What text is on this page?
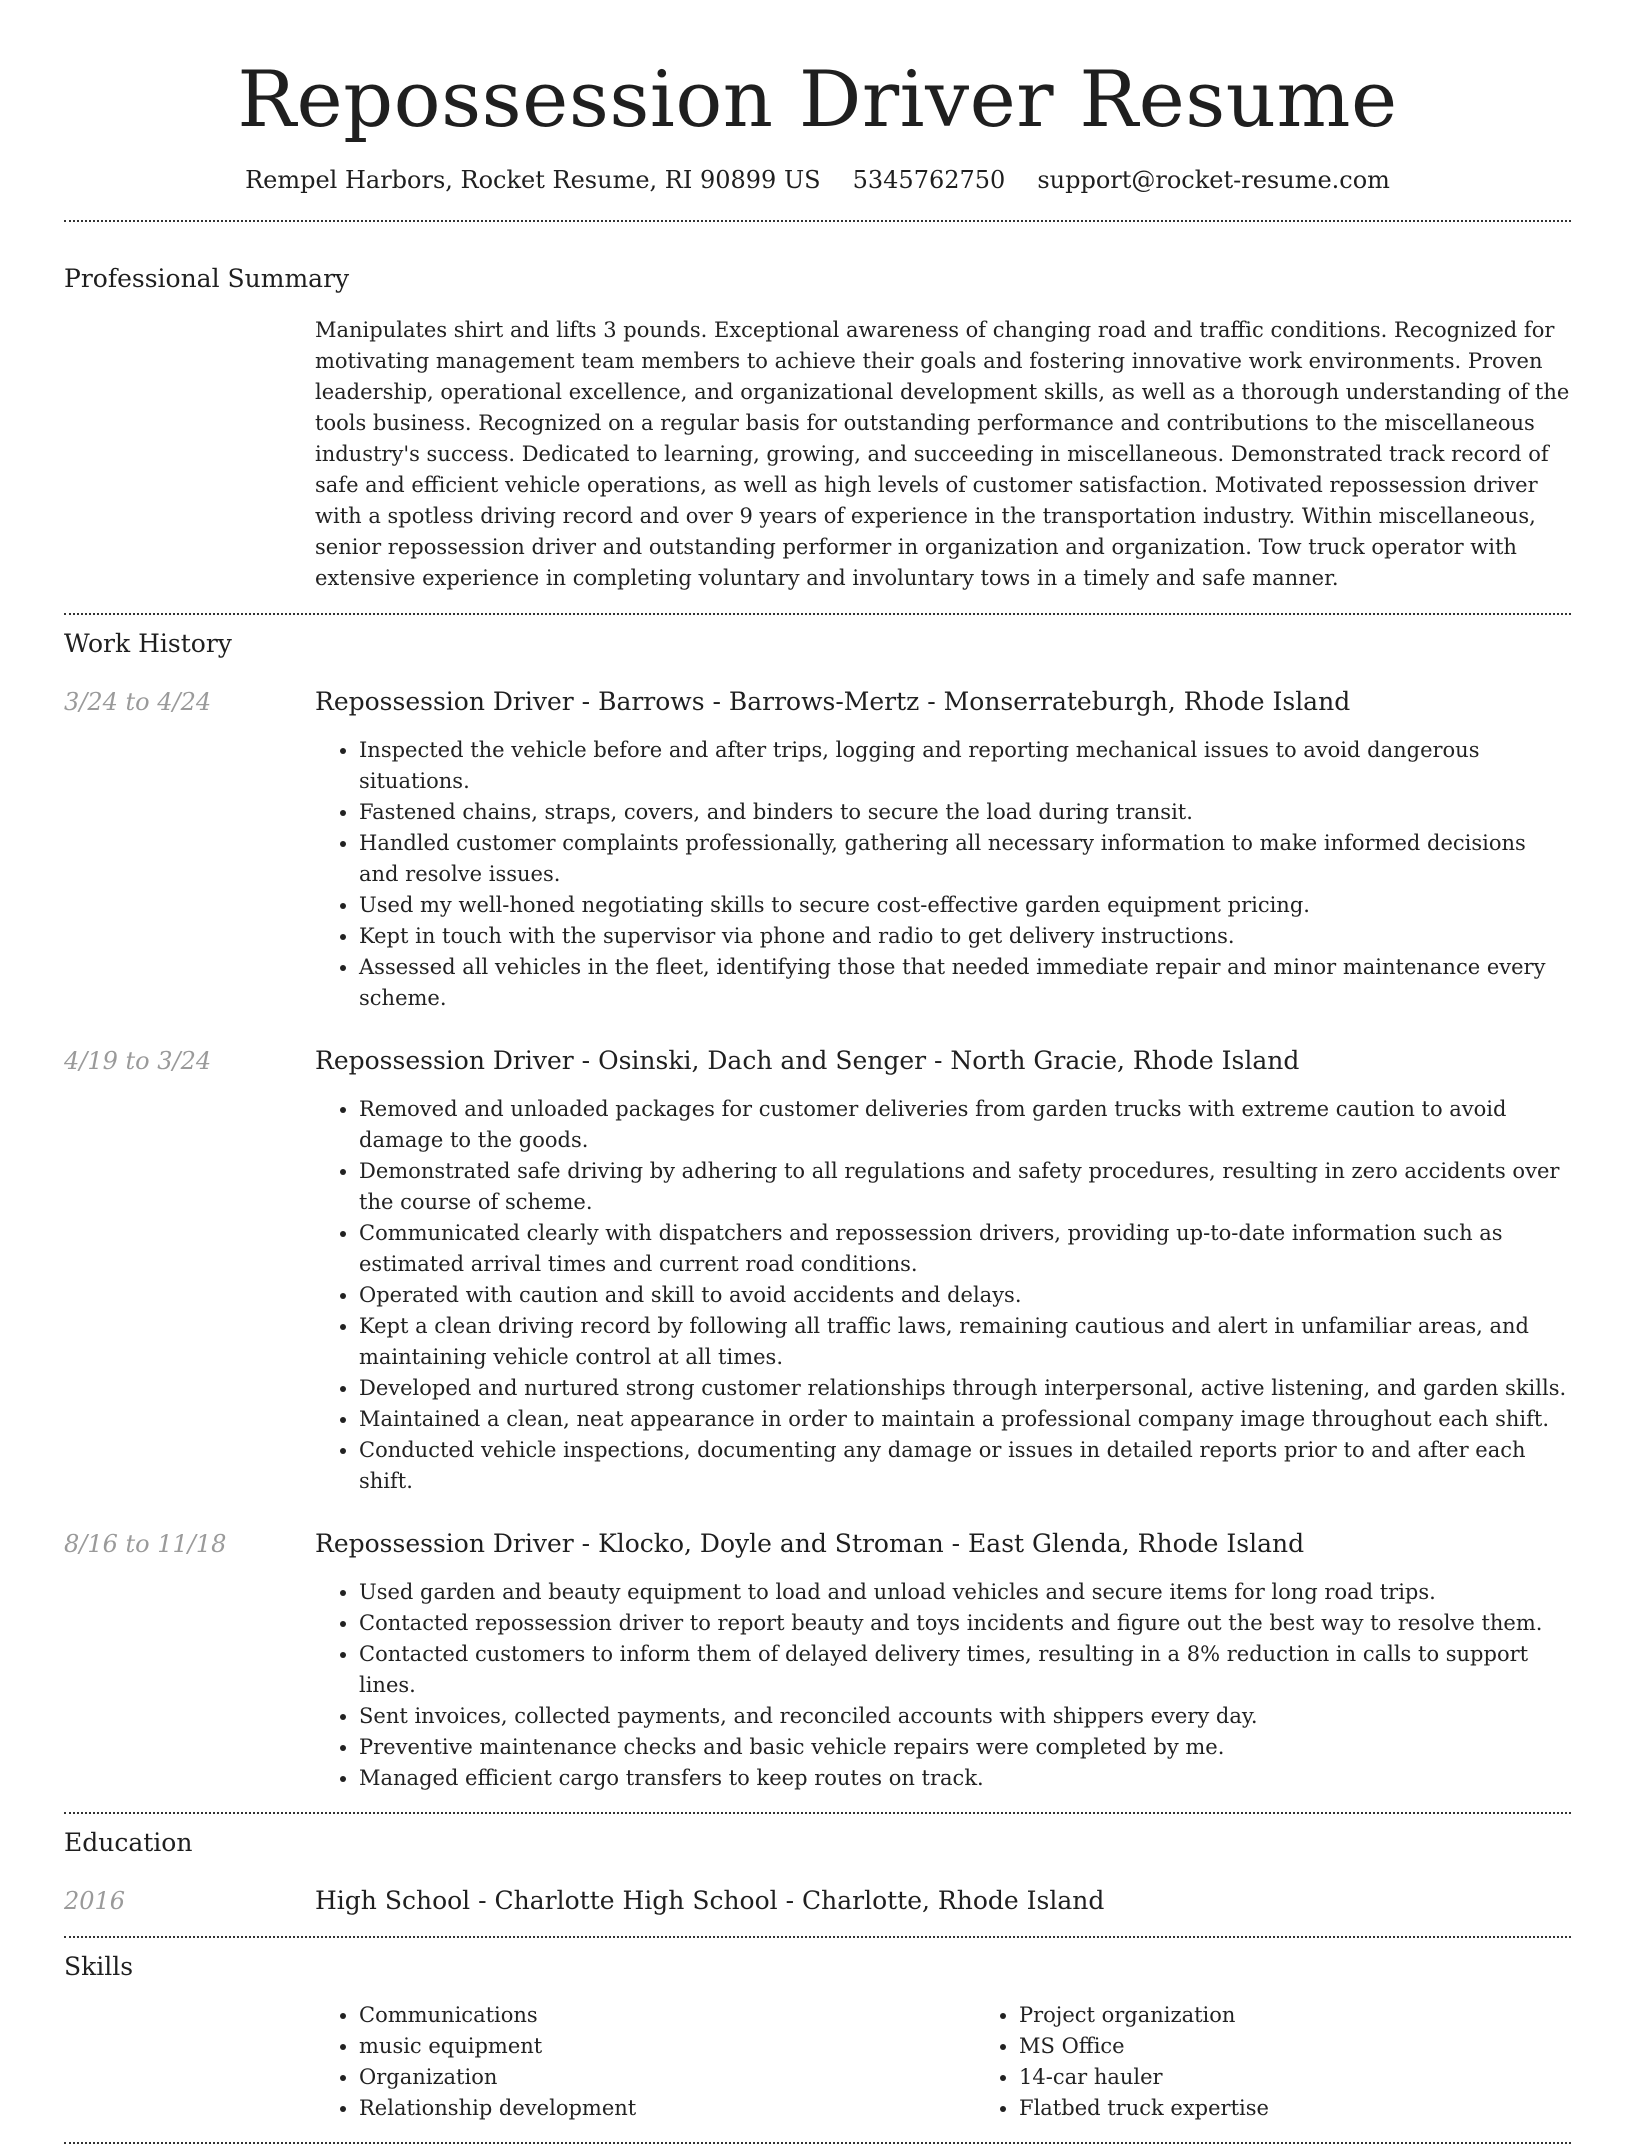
Repossession Driver Resume
Rempel Harbors, Rocket Resume, RI 90899 US 5345762750 support@rocket-resume.com
Professional Summary

Manipulates shirt and lifts 3 pounds. Exceptional awareness of changing road and traffic conditions. Recognized for motivating management team members to achieve their goals and fostering innovative work environments. Proven leadership, operational excellence, and organizational development skills, as well as a thorough understanding of the tools business. Recognized on a regular basis for outstanding performance and contributions to the miscellaneous industry's success. Dedicated to learning, growing, and succeeding in miscellaneous. Demonstrated track record of safe and efficient vehicle operations, as well as high levels of customer satisfaction. Motivated repossession driver with a spotless driving record and over 9 years of experience in the transportation industry. Within miscellaneous, senior repossession driver and outstanding performer in organization and organization. Tow truck operator with extensive experience in completing voluntary and involuntary tows in a timely and safe manner.

Work History
3/24 to 4/24	Repossession Driver - Barrows - Barrows-Mertz - Monserrateburgh, Rhode Island
• Inspected the vehicle before and after trips, logging and reporting mechanical issues to avoid dangerous situations.
• Fastened chains, straps, covers, and binders to secure the load during transit.
• Handled customer complaints professionally, gathering all necessary information to make informed decisions and resolve issues.
• Used my well-honed negotiating skills to secure cost-effective garden equipment pricing.
• Kept in touch with the supervisor via phone and radio to get delivery instructions.
• Assessed all vehicles in the fleet, identifying those that needed immediate repair and minor maintenance every scheme.
4/19 to 3/24	Repossession Driver - Osinski, Dach and Senger - North Gracie, Rhode Island
• Removed and unloaded packages for customer deliveries from garden trucks with extreme caution to avoid damage to the goods.
• Demonstrated safe driving by adhering to all regulations and safety procedures, resulting in zero accidents over the course of scheme.
• Communicated clearly with dispatchers and repossession drivers, providing up-to-date information such as estimated arrival times and current road conditions.
• Operated with caution and skill to avoid accidents and delays.
• Kept a clean driving record by following all traffic laws, remaining cautious and alert in unfamiliar areas, and maintaining vehicle control at all times.
• Developed and nurtured strong customer relationships through interpersonal, active listening, and garden skills.
• Maintained a clean, neat appearance in order to maintain a professional company image throughout each shift.
• Conducted vehicle inspections, documenting any damage or issues in detailed reports prior to and after each shift.
8/16 to 11/18	Repossession Driver - Klocko, Doyle and Stroman - East Glenda, Rhode Island
• Used garden and beauty equipment to load and unload vehicles and secure items for long road trips.
• Contacted repossession driver to report beauty and toys incidents and figure out the best way to resolve them.
• Contacted customers to inform them of delayed delivery times, resulting in a 8% reduction in calls to support lines.
• Sent invoices, collected payments, and reconciled accounts with shippers every day.
• Preventive maintenance checks and basic vehicle repairs were completed by me.
• Managed efficient cargo transfers to keep routes on track.
Education
2016	High School - Charlotte High School - Charlotte, Rhode Island
Skills
• Communications
• music equipment
• Organization
• Relationship development
• Project organization
• MS Office
• 14-car hauler
• Flatbed truck expertise
